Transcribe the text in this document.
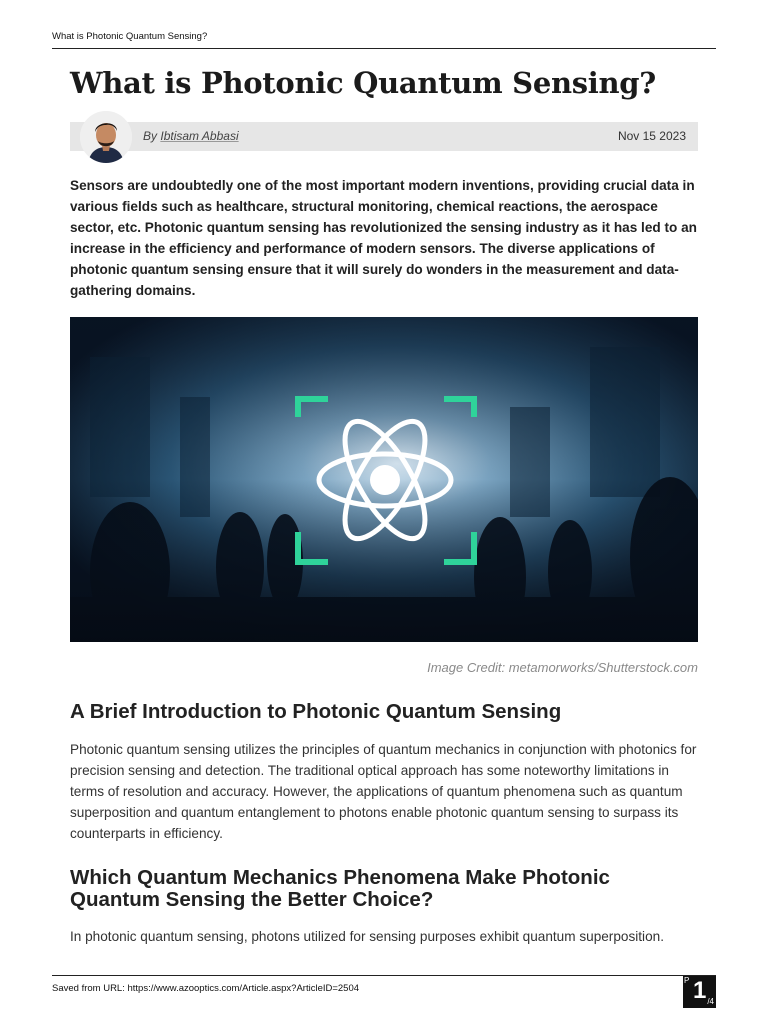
What is Photonic Quantum Sensing?
What is Photonic Quantum Sensing?
By Ibtisam Abbasi	Nov 15 2023

Sensors are undoubtedly one of the most important modern inventions, providing crucial data in various fields such as healthcare, structural monitoring, chemical reactions, the aerospace sector, etc. Photonic quantum sensing has revolutionized the sensing industry as it has led to an increase in the efficiency and performance of modern sensors. The diverse applications of photonic quantum sensing ensure that it will surely do wonders in the measurement and data-gathering domains.

Image Credit: metamorworks/Shutterstock.com
A Brief Introduction to Photonic Quantum Sensing

Photonic quantum sensing utilizes the principles of quantum mechanics in conjunction with photonics for precision sensing and detection. The traditional optical approach has some noteworthy limitations in terms of resolution and accuracy. However, the applications of quantum phenomena such as quantum superposition and quantum entanglement to photons enable photonic quantum sensing to surpass its counterparts in efficiency.

Which Quantum Mechanics Phenomena Make Photonic Quantum Sensing the Better Choice?

In photonic quantum sensing, photons utilized for sensing purposes exhibit quantum superposition.

Saved from URL: https://www.azooptics.com/Article.aspx?ArticleID=2504
P 1 /4
